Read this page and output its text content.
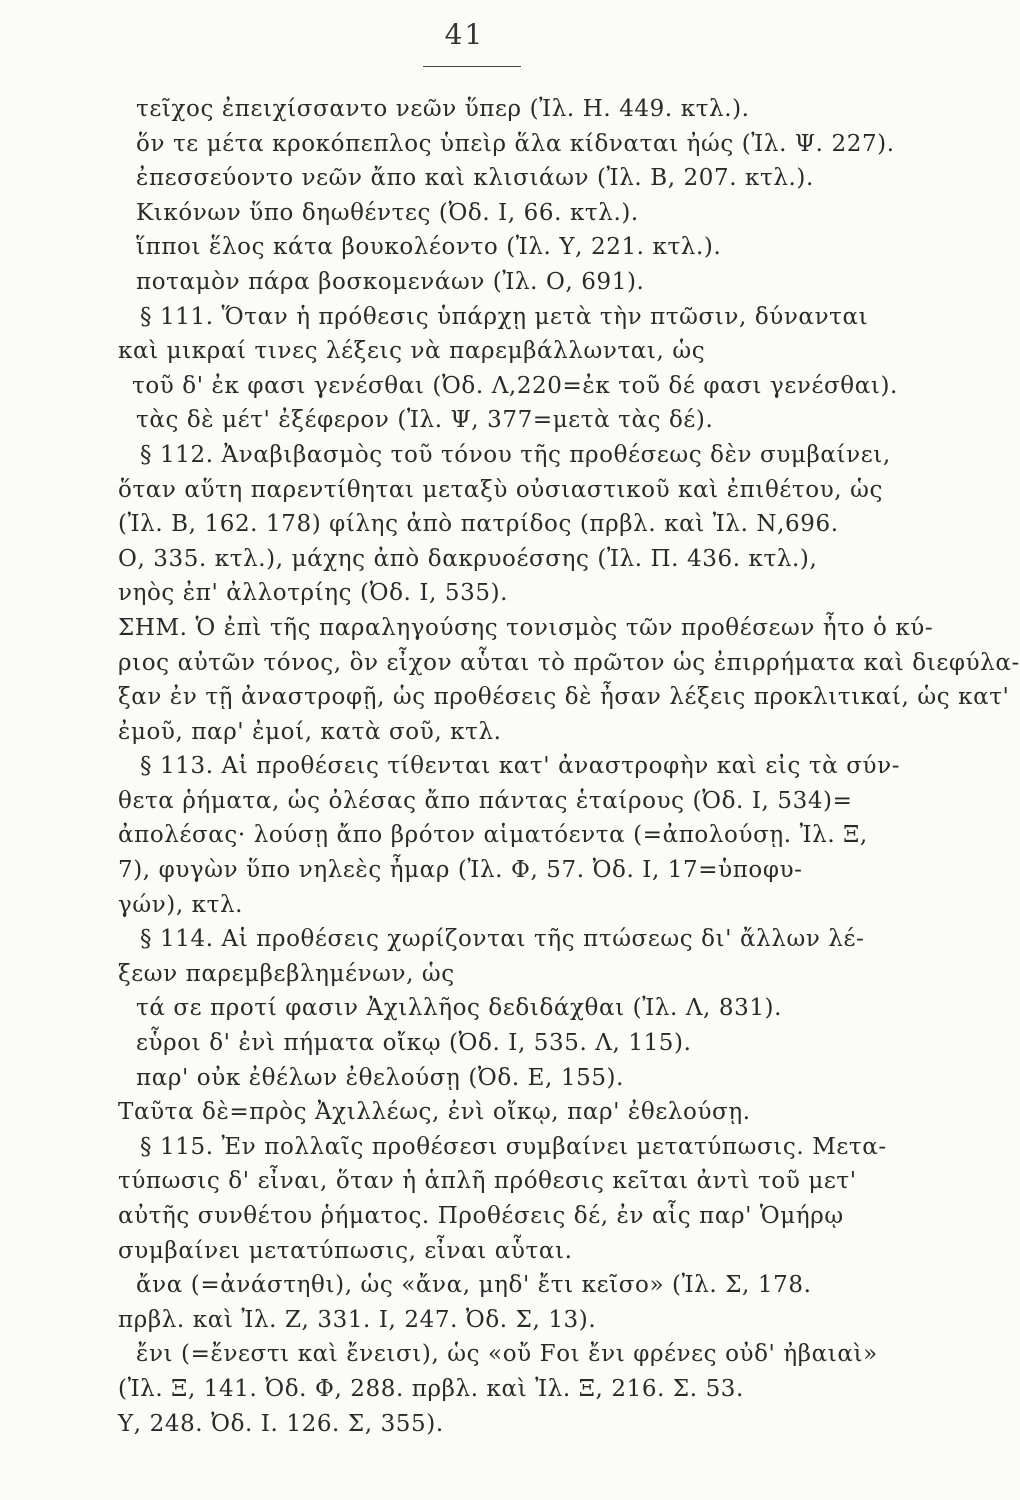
41
τεῖχος ἐπειχίσσαντο νεῶν ὕπερ (Ἰλ. Η. 449. κτλ.).
ὅν τε μέτα κροκόπεπλος ὑπεὶρ ἅλα κίδναται ἠώς (Ἰλ. Ψ. 227).
ἐπεσσεύοντο νεῶν ἄπο καὶ κλισιάων (Ἰλ. Β, 207. κτλ.).
Κικόνων ὕπο δηωθέντες (Ὀδ. Ι, 66. κτλ.).
ἵπποι ἕλος κάτα βουκολέοντο (Ἰλ. Υ, 221. κτλ.).
ποταμὸν πάρα βοσκομενάων (Ἰλ. Ο, 691).
§ 111. Ὅταν ἡ πρόθεσις ὑπάρχῃ μετὰ τὴν πτῶσιν, δύνανται
καὶ μικραί τινες λέξεις νὰ παρεμβάλλωνται, ὡς
τοῦ δ' ἐκ φασι γενέσθαι (Ὀδ. Λ,220=ἐκ τοῦ δέ φασι γενέσθαι).
τὰς δὲ μέτ' ἐξέφερον (Ἰλ. Ψ, 377=μετὰ τὰς δέ).
§ 112. Ἀναβιβασμὸς τοῦ τόνου τῆς προθέσεως δὲν συμβαίνει,
ὅταν αὕτη παρεντίθηται μεταξὺ οὐσιαστικοῦ καὶ ἐπιθέτου, ὡς
(Ἰλ. Β, 162. 178) φίλης ἀπὸ πατρίδος (πρβλ. καὶ Ἰλ. Ν,696.
Ο, 335. κτλ.), μάχης ἀπὸ δακρυοέσσης (Ἰλ. Π. 436. κτλ.),
νηὸς ἐπ' ἀλλοτρίης (Ὀδ. Ι, 535).
ΣΗΜ. Ὁ ἐπὶ τῆς παραληγούσης τονισμὸς τῶν προθέσεων ἦτο ὁ κύ-
ριος αὐτῶν τόνος, ὃν εἶχον αὗται τὸ πρῶτον ὡς ἐπιρρήματα καὶ διεφύλα-
ξαν ἐν τῇ ἀναστροφῇ, ὡς προθέσεις δὲ ἦσαν λέξεις προκλιτικαί, ὡς κατ'
ἐμοῦ, παρ' ἐμοί, κατὰ σοῦ, κτλ.
§ 113. Αἱ προθέσεις τίθενται κατ' ἀναστροφὴν καὶ εἰς τὰ σύν-
θετα ῥήματα, ὡς ὀλέσας ἄπο πάντας ἑταίρους (Ὀδ. Ι, 534)=
ἀπολέσας· λούσῃ ἄπο βρότον αἱματόεντα (=ἀπολούσῃ. Ἰλ. Ξ,
7), φυγὼν ὕπο νηλεὲς ἦμαρ (Ἰλ. Φ, 57. Ὀδ. Ι, 17=ὑποφυ-
γών), κτλ.
§ 114. Αἱ προθέσεις χωρίζονται τῆς πτώσεως δι' ἄλλων λέ-
ξεων παρεμβεβλημένων, ὡς
τά σε προτί φασιν Ἀχιλλῆος δεδιδάχθαι (Ἰλ. Λ, 831).
εὗροι δ' ἐνὶ πήματα οἴκῳ (Ὀδ. Ι, 535. Λ, 115).
παρ' οὐκ ἐθέλων ἐθελούσῃ (Ὀδ. Ε, 155).
Ταῦτα δὲ=πρὸς Ἀχιλλέως, ἐνὶ οἴκῳ, παρ' ἐθελούσῃ.
§ 115. Ἐν πολλαῖς προθέσεσι συμβαίνει μετατύπωσις. Μετα-
τύπωσις δ' εἶναι, ὅταν ἡ ἁπλῆ πρόθεσις κεῖται ἀντὶ τοῦ μετ'
αὐτῆς συνθέτου ῥήματος. Προθέσεις δέ, ἐν αἷς παρ' Ὁμήρῳ
συμβαίνει μετατύπωσις, εἶναι αὗται.
ἄνα (=ἀνάστηθι), ὡς «ἄνα, μηδ' ἔτι κεῖσο» (Ἰλ. Σ, 178.
πρβλ. καὶ Ἰλ. Ζ, 331. Ι, 247. Ὀδ. Σ, 13).
ἔνι (=ἔνεστι καὶ ἔνεισι), ὡς «οὔ Fοι ἔνι φρένες οὐδ' ἠβαιαὶ»
(Ἰλ. Ξ, 141. Ὀδ. Φ, 288. πρβλ. καὶ Ἰλ. Ξ, 216. Σ. 53.
Υ, 248. Ὀδ. Ι. 126. Σ, 355).
